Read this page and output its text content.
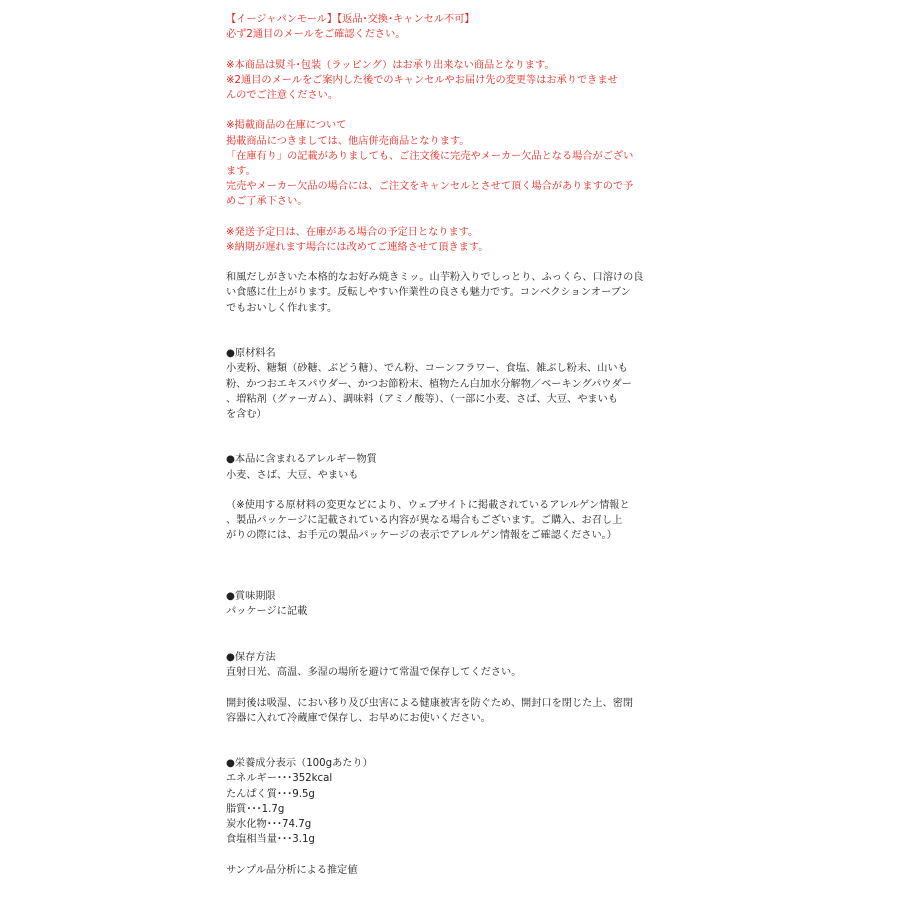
【イージャパンモール】【返品･交換･キャンセル不可】
必ず2通目のメールをご確認ください。
※本商品は熨斗･包装（ラッピング）はお承り出来ない商品となります。
※2通目のメールをご案内した後でのキャンセルやお届け先の変更等はお承りできませ
んのでご注意ください。
※掲載商品の在庫について
掲載商品につきましては、他店併売商品となります。
「在庫有り」の記載がありましても、ご注文後に完売やメーカー欠品となる場合がござい
ます。
完売やメーカー欠品の場合には、ご注文をキャンセルとさせて頂く場合がありますので予
めご了承下さい。
※発送予定日は、在庫がある場合の予定日となります。
※納期が遅れます場合には改めてご連絡させて頂きます。
和風だしがきいた本格的なお好み焼きミッ。山芋粉入りでしっとり、ふっくら、口溶けの良
い食感に仕上がります。反転しやすい作業性の良さも魅力です。コンベクションオーブン
でもおいしく作れます。
●原材料名
小麦粉、糖類（砂糖、ぶどう糖）、でん粉、コーンフラワー、食塩、雑ぶし粉末、山いも
粉、かつおエキスパウダー、かつお節粉末、植物たん白加水分解物／ベーキングパウダー
、増粘剤（グァーガム）、調味料（アミノ酸等）、（一部に小麦、さば、大豆、やまいも
を含む）
●本品に含まれるアレルギー物質
小麦、さば、大豆、やまいも
（※使用する原材料の変更などにより、ウェブサイトに掲載されているアレルゲン情報と
、製品パッケージに記載されている内容が異なる場合もございます。ご購入、お召し上
がりの際には、お手元の製品パッケージの表示でアレルゲン情報をご確認ください。）
●賞味期限
パッケージに記載
●保存方法
直射日光、高温、多湿の場所を避けて常温で保存してください。
開封後は吸湿、におい移り及び虫害による健康被害を防ぐため、開封口を閉じた上、密閉
容器に入れて冷蔵庫で保存し、お早めにお使いください。
●栄養成分表示（100gあたり）
エネルギー･･･352kcal
たんぱく質･･･9.5g
脂質･･･1.7g
炭水化物･･･74.7g
食塩相当量･･･3.1g
サンプル品分析による推定値
